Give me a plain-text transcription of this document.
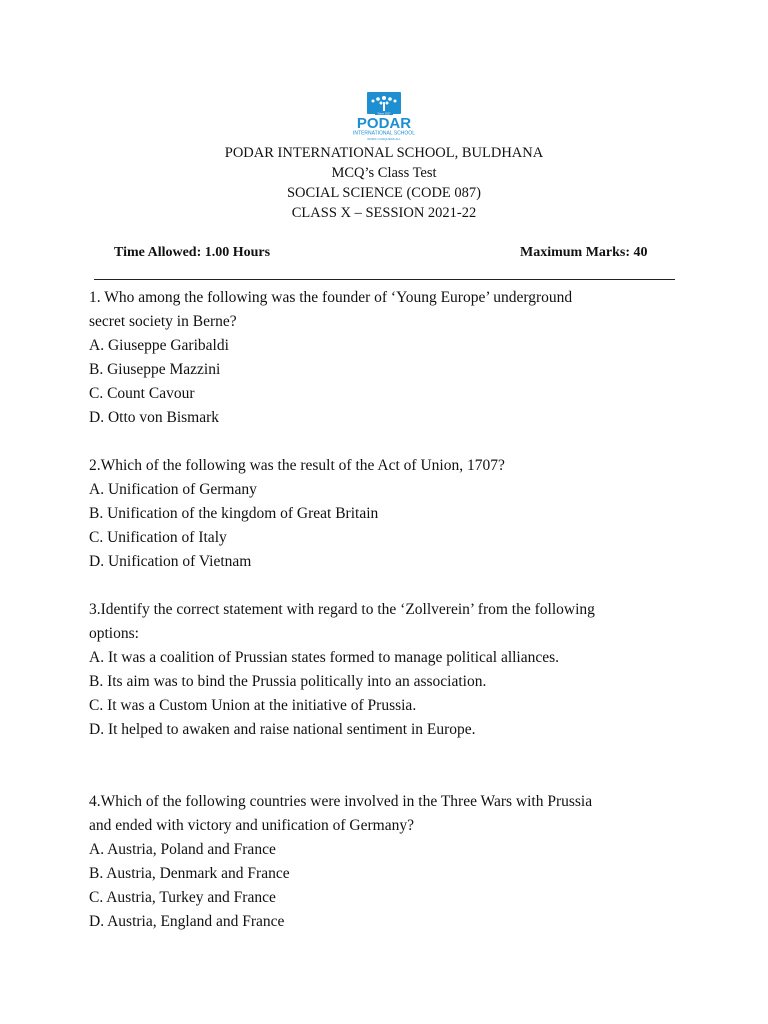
Since 1927
PODAR
INTERNATIONAL SCHOOL
WORK CONQUERS ALL
PODAR INTERNATIONAL SCHOOL, BULDHANA
MCQ’s Class Test
SOCIAL SCIENCE (CODE 087)
CLASS X – SESSION 2021-22
Time Allowed: 1.00 Hours	Maximum Marks: 40
1. Who among the following was the founder of ‘Young Europe’ underground
secret society in Berne?
A. Giuseppe Garibaldi
B. Giuseppe Mazzini
C. Count Cavour
D. Otto von Bismark
2.Which of the following was the result of the Act of Union, 1707?
A. Unification of Germany
B. Unification of the kingdom of Great Britain
C. Unification of Italy
D. Unification of Vietnam
3.Identify the correct statement with regard to the ‘Zollverein’ from the following
options:
A. It was a coalition of Prussian states formed to manage political alliances.
B. Its aim was to bind the Prussia politically into an association.
C. It was a Custom Union at the initiative of Prussia.
D. It helped to awaken and raise national sentiment in Europe.
4.Which of the following countries were involved in the Three Wars with Prussia
and ended with victory and unification of Germany?
A. Austria, Poland and France
B. Austria, Denmark and France
C. Austria, Turkey and France
D. Austria, England and France
